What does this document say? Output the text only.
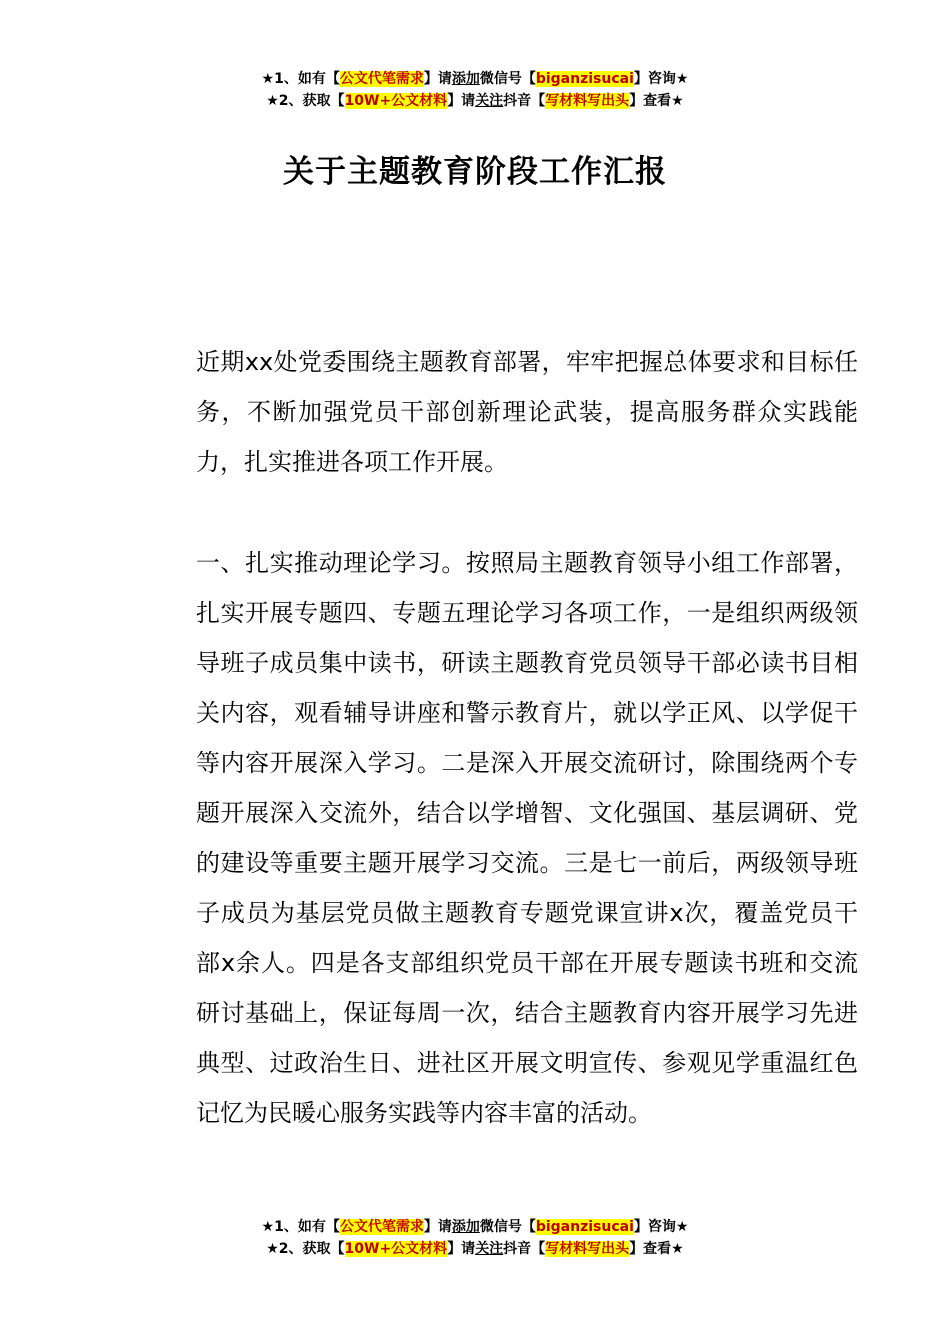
★1、如有【公文代笔需求】请添加微信号【biganzisucai】咨询★
★2、获取【10W+公文材料】请关注抖音【写材料写出头】查看★
关于主题教育阶段工作汇报

近期xx处党委围绕主题教育部署，牢牢把握总体要求和目标任务，不断加强党员干部创新理论武装，提高服务群众实践能力，扎实推进各项工作开展。

一、扎实推动理论学习。按照局主题教育领导小组工作部署，扎实开展专题四、专题五理论学习各项工作，一是组织两级领导班子成员集中读书，研读主题教育党员领导干部必读书目相关内容，观看辅导讲座和警示教育片，就以学正风、以学促干等内容开展深入学习。二是深入开展交流研讨，除围绕两个专题开展深入交流外，结合以学增智、文化强国、基层调研、党的建设等重要主题开展学习交流。三是七一前后，两级领导班子成员为基层党员做主题教育专题党课宣讲x次，覆盖党员干部x余人。四是各支部组织党员干部在开展专题读书班和交流研讨基础上，保证每周一次，结合主题教育内容开展学习先进典型、过政治生日、进社区开展文明宣传、参观见学重温红色记忆为民暖心服务实践等内容丰富的活动。

★1、如有【公文代笔需求】请添加微信号【biganzisucai】咨询★
★2、获取【10W+公文材料】请关注抖音【写材料写出头】查看★
